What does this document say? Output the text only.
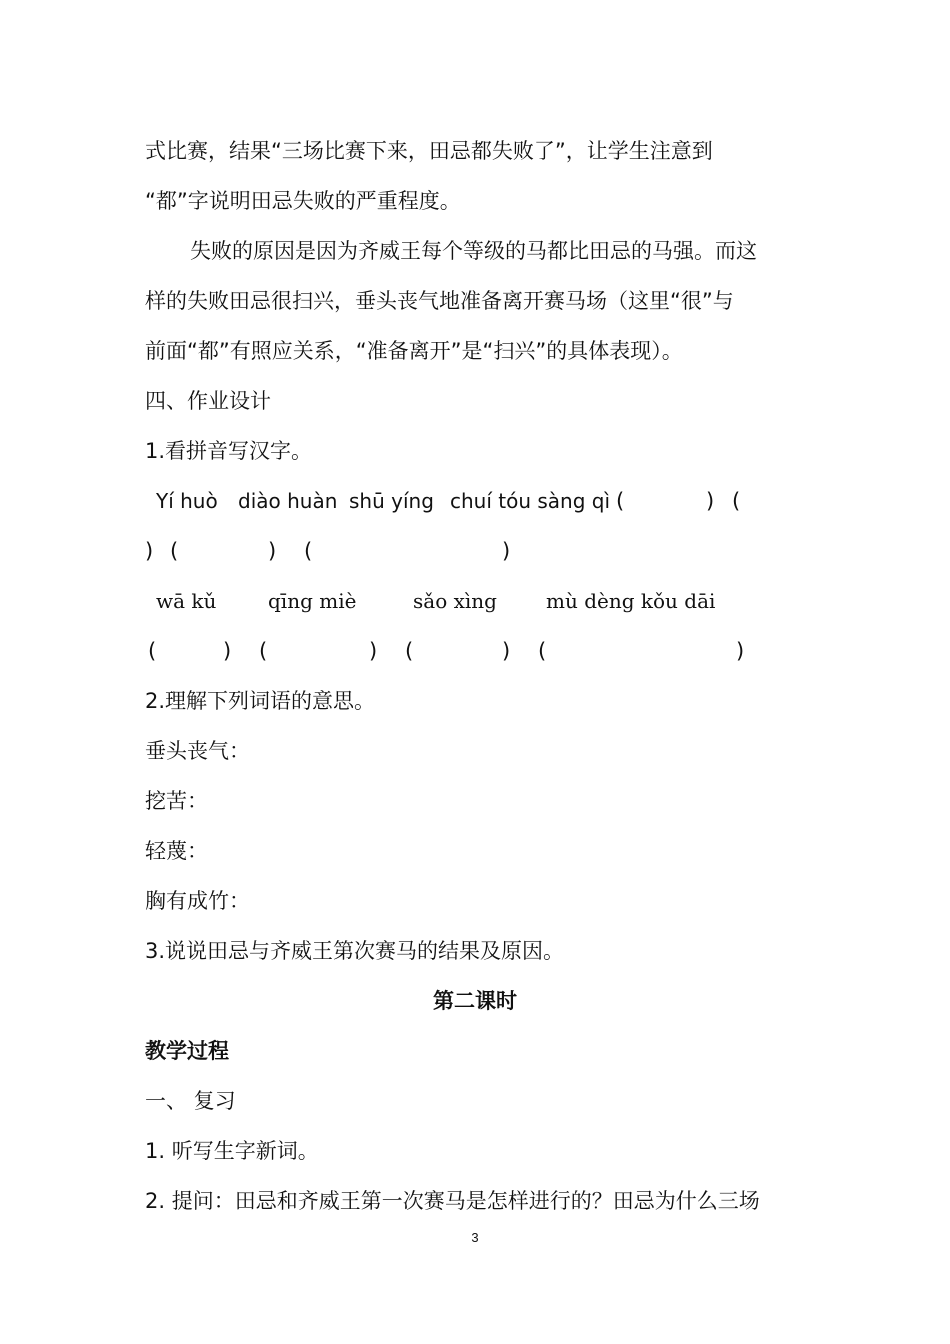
式比赛，结果“三场比赛下来，田忌都失败了”，让学生注意到
“都”字说明田忌失败的严重程度。
失败的原因是因为齐威王每个等级的马都比田忌的马强。而这
样的失败田忌很扫兴，垂头丧气地准备离开赛马场（这里“很”与
前面“都”有照应关系，“准备离开”是“扫兴”的具体表现）。
四、作业设计
1.看拼音写汉字。
Yí huò diào huàn shū yíng chuí tóu sàng qì (	) (
) (	) (	)
wā kǔ	qīng miè	sǎo xìng mù dèng kǒu dāi
(	) (	) (	) (	)
2.理解下列词语的意思。
垂头丧气：
挖苦：
轻蔑：
胸有成竹：
3.说说田忌与齐威王第次赛马的结果及原因。
第二课时
教学过程
一、 复习
1. 听写生字新词。
2. 提问：田忌和齐威王第一次赛马是怎样进行的？田忌为什么三场
3
